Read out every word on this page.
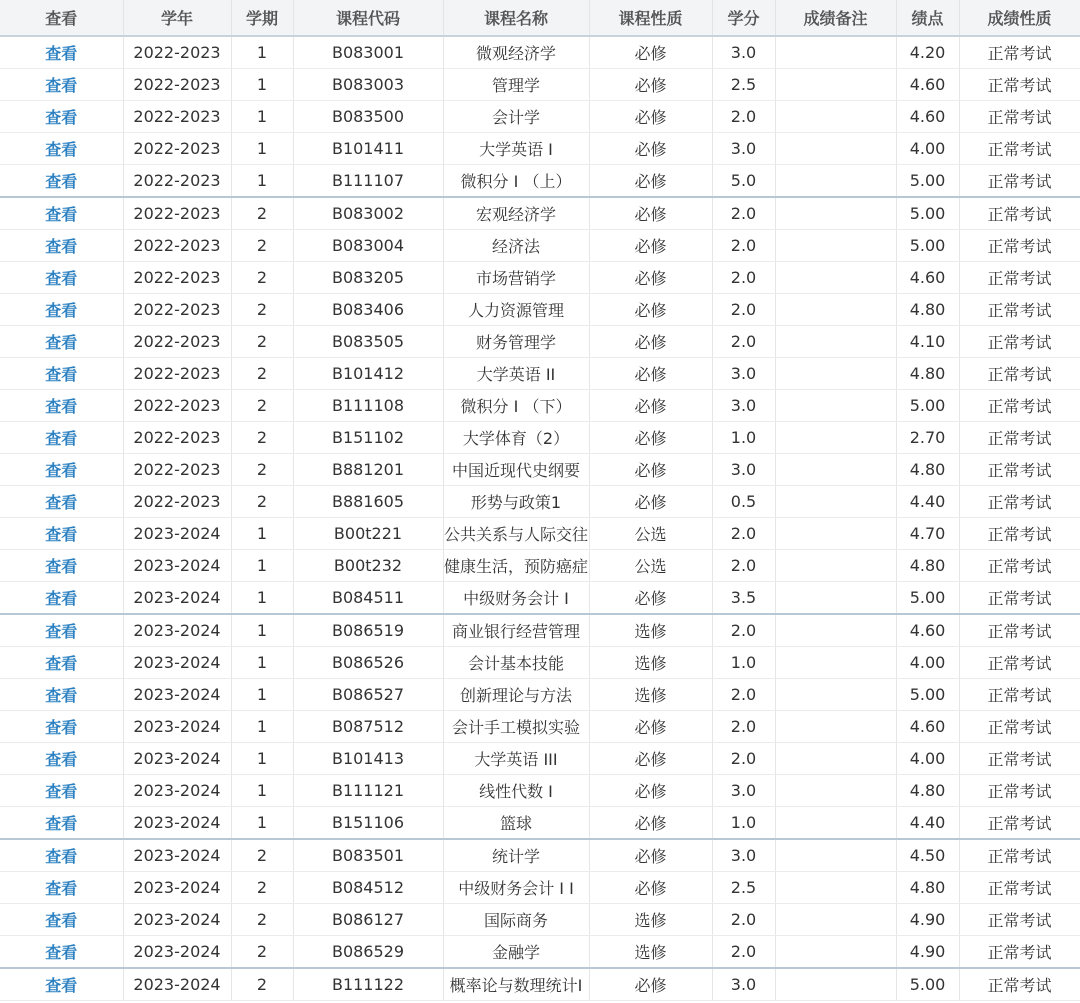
查看	学年	学期	课程代码	课程名称	课程性质	学分	成绩备注	绩点	成绩性质
查看	2022-2023	1	B083001	微观经济学	必修	3.0		4.20	正常考试
查看	2022-2023	1	B083003	管理学	必修	2.5		4.60	正常考试
查看	2022-2023	1	B083500	会计学	必修	2.0		4.60	正常考试
查看	2022-2023	1	B101411	大学英语 I	必修	3.0		4.00	正常考试
查看	2022-2023	1	B111107	微积分 I （上）	必修	5.0		5.00	正常考试
查看	2022-2023	2	B083002	宏观经济学	必修	2.0		5.00	正常考试
查看	2022-2023	2	B083004	经济法	必修	2.0		5.00	正常考试
查看	2022-2023	2	B083205	市场营销学	必修	2.0		4.60	正常考试
查看	2022-2023	2	B083406	人力资源管理	必修	2.0		4.80	正常考试
查看	2022-2023	2	B083505	财务管理学	必修	2.0		4.10	正常考试
查看	2022-2023	2	B101412	大学英语 II	必修	3.0		4.80	正常考试
查看	2022-2023	2	B111108	微积分 I （下）	必修	3.0		5.00	正常考试
查看	2022-2023	2	B151102	大学体育（2）	必修	1.0		2.70	正常考试
查看	2022-2023	2	B881201	中国近现代史纲要	必修	3.0		4.80	正常考试
查看	2022-2023	2	B881605	形势与政策1	必修	0.5		4.40	正常考试
查看	2023-2024	1	B00t221	公共关系与人际交往	公选	2.0		4.70	正常考试
查看	2023-2024	1	B00t232	健康生活，预防癌症	公选	2.0		4.80	正常考试
查看	2023-2024	1	B084511	中级财务会计 I	必修	3.5		5.00	正常考试
查看	2023-2024	1	B086519	商业银行经营管理	选修	2.0		4.60	正常考试
查看	2023-2024	1	B086526	会计基本技能	选修	1.0		4.00	正常考试
查看	2023-2024	1	B086527	创新理论与方法	选修	2.0		5.00	正常考试
查看	2023-2024	1	B087512	会计手工模拟实验	必修	2.0		4.60	正常考试
查看	2023-2024	1	B101413	大学英语 III	必修	2.0		4.00	正常考试
查看	2023-2024	1	B111121	线性代数 I	必修	3.0		4.80	正常考试
查看	2023-2024	1	B151106	篮球	必修	1.0		4.40	正常考试
查看	2023-2024	2	B083501	统计学	必修	3.0		4.50	正常考试
查看	2023-2024	2	B084512	中级财务会计 I I	必修	2.5		4.80	正常考试
查看	2023-2024	2	B086127	国际商务	选修	2.0		4.90	正常考试
查看	2023-2024	2	B086529	金融学	选修	2.0		4.90	正常考试
查看	2023-2024	2	B111122	概率论与数理统计I	必修	3.0		5.00	正常考试
